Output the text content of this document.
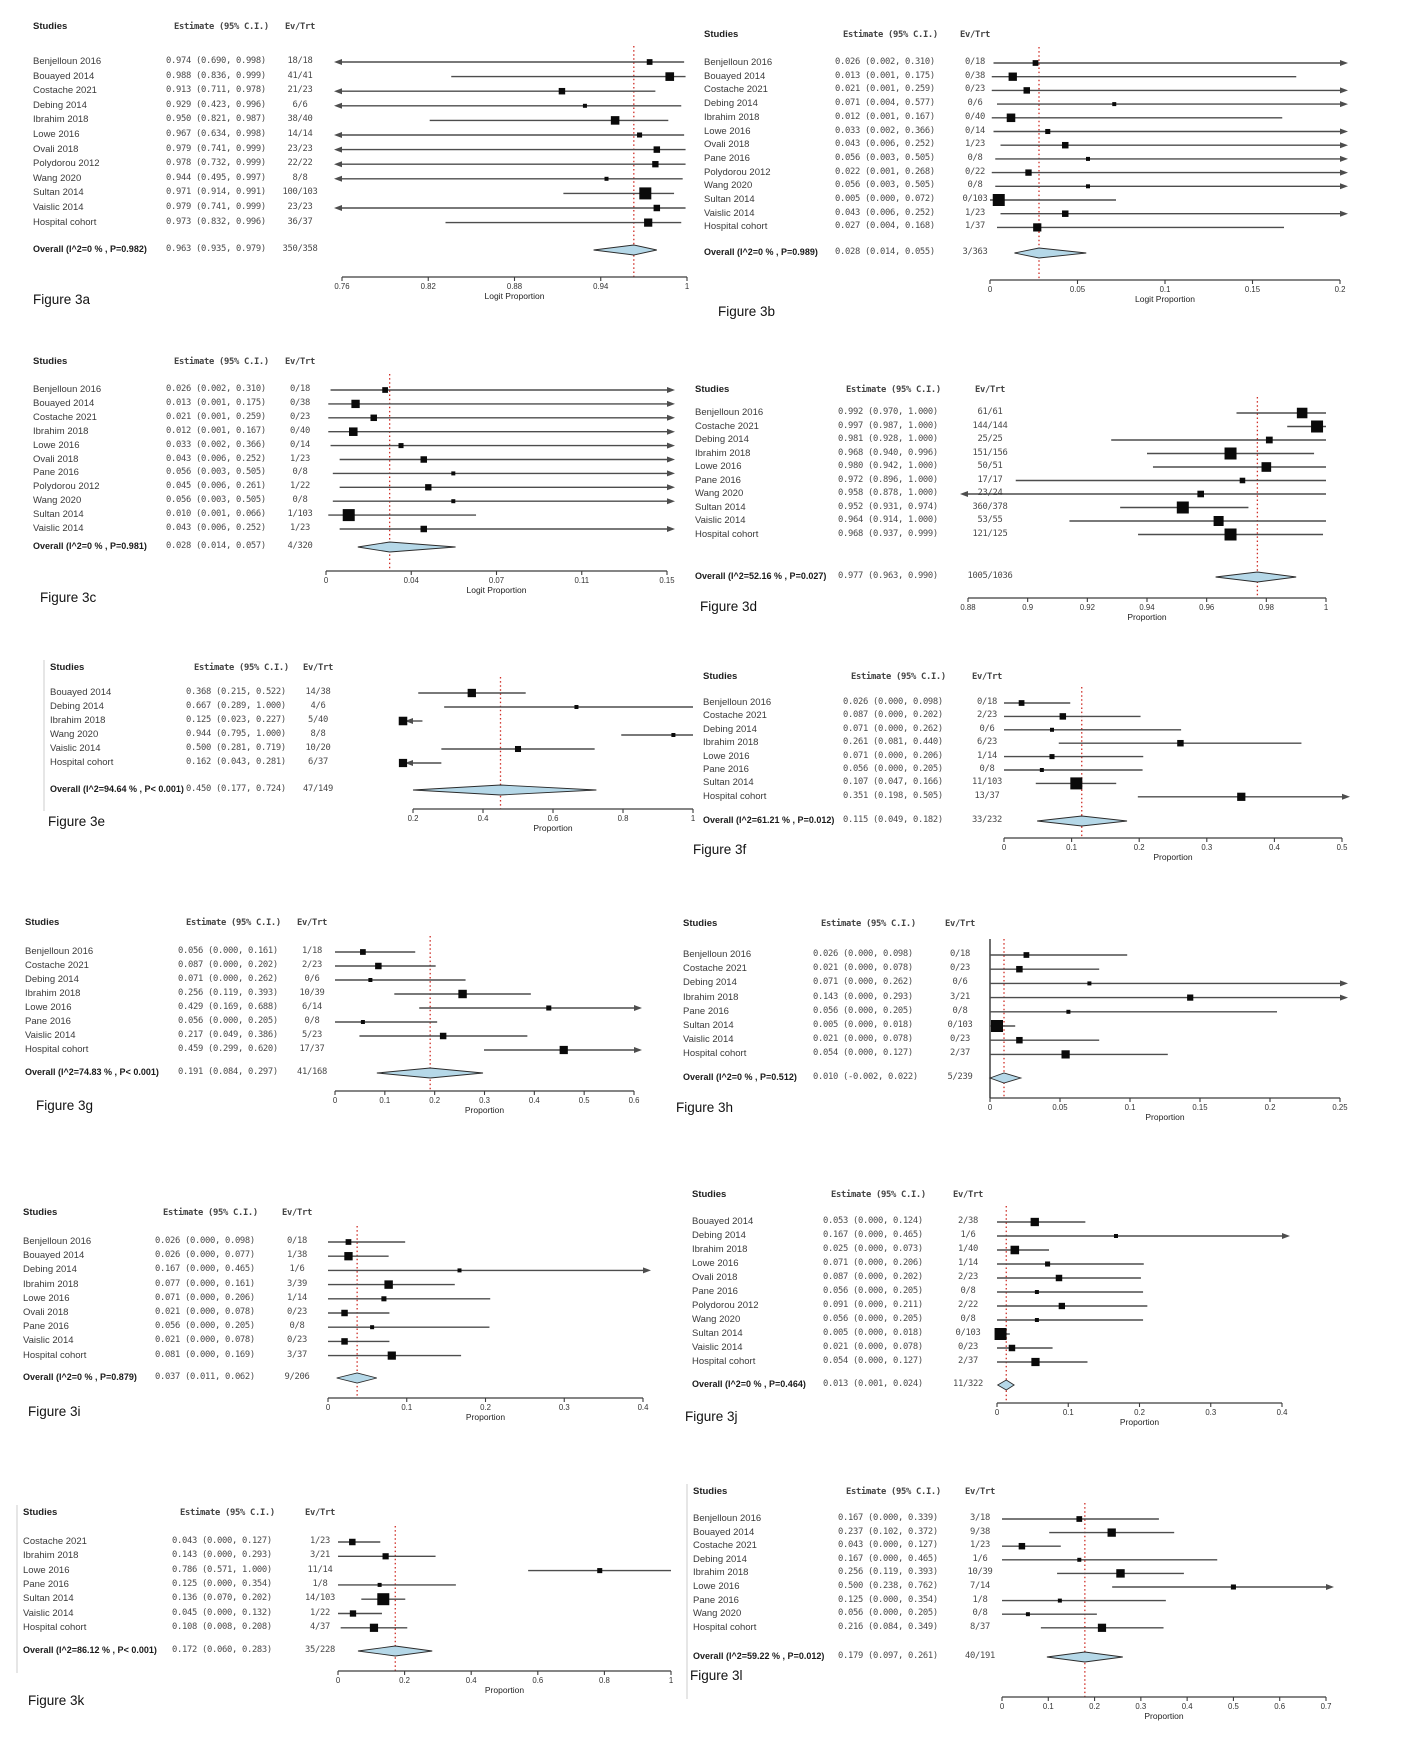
Studies	Estimate (95% C.I.) Ev/Trt
Benjelloun 2016	0.974 (0.690, 0.998) 18/18
Bouayed 2014	0.988 (0.836, 0.999) 41/41
Costache 2021	0.913 (0.711, 0.978) 21/23
Debing 2014	0.929 (0.423, 0.996)	6/6
Ibrahim 2018	0.950 (0.821, 0.987) 38/40
Lowe 2016	0.967 (0.634, 0.998) 14/14
Ovali 2018	0.979 (0.741, 0.999) 23/23
Polydorou 2012	0.978 (0.732, 0.999) 22/22
Wang 2020	0.944 (0.495, 0.997)	8/8
Sultan 2014	0.971 (0.914, 0.991) 100/103
Vaislic 2014	0.979 (0.741, 0.999) 23/23
Hospital cohort	0.973 (0.832, 0.996) 36/37
Overall (I^2=0 % , P=0.982) 0.963 (0.935, 0.979) 350/358
0.76	0.82	0.88	0.94	1
Logit Proportion
Figure 3a
Studies	Estimate (95% C.I.)	Ev/Trt
Benjelloun 2016	0.026 (0.002, 0.310)	0/18
Bouayed 2014	0.013 (0.001, 0.175)	0/38
Costache 2021	0.021 (0.001, 0.259)	0/23
Debing 2014	0.071 (0.004, 0.577)	0/6
Ibrahim 2018	0.012 (0.001, 0.167)	0/40
Lowe 2016	0.033 (0.002, 0.366)	0/14
Ovali 2018	0.043 (0.006, 0.252)	1/23
Pane 2016	0.056 (0.003, 0.505)	0/8
Polydorou 2012	0.022 (0.001, 0.268)	0/22
Wang 2020	0.056 (0.003, 0.505)	0/8
Sultan 2014	0.005 (0.000, 0.072)	0/103
Vaislic 2014	0.043 (0.006, 0.252)	1/23
Hospital cohort	0.027 (0.004, 0.168)	1/37
Overall (I^2=0 % , P=0.989) 0.028 (0.014, 0.055)	3/363
0	0.05	0.1	0.15	0.2
Logit Proportion
Figure 3b
Studies	Estimate (95% C.I.) Ev/Trt
Benjelloun 2016	0.026 (0.002, 0.310)	0/18
Bouayed 2014	0.013 (0.001, 0.175)	0/38
Costache 2021	0.021 (0.001, 0.259)	0/23
Ibrahim 2018	0.012 (0.001, 0.167)	0/40
Lowe 2016	0.033 (0.002, 0.366)	0/14
Ovali 2018	0.043 (0.006, 0.252)	1/23
Pane 2016	0.056 (0.003, 0.505)	0/8
Polydorou 2012	0.045 (0.006, 0.261)	1/22
Wang 2020	0.056 (0.003, 0.505)	0/8
Sultan 2014	0.010 (0.001, 0.066) 1/103
Vaislic 2014	0.043 (0.006, 0.252)	1/23
Overall (I^2=0 % , P=0.981) 0.028 (0.014, 0.057) 4/320
0	0.04	0.07	0.11	0.15
Logit Proportion
Figure 3c
Studies	Estimate (95% C.I.)	Ev/Trt
Benjelloun 2016	0.992 (0.970, 1.000)	61/61
Costache 2021	0.997 (0.987, 1.000)	144/144
Debing 2014	0.981 (0.928, 1.000)	25/25
Ibrahim 2018	0.968 (0.940, 0.996)	151/156
Lowe 2016	0.980 (0.942, 1.000)	50/51
Pane 2016	0.972 (0.896, 1.000)	17/17
Wang 2020	0.958 (0.878, 1.000)	23/24
Sultan 2014	0.952 (0.931, 0.974)	360/378
Vaislic 2014	0.964 (0.914, 1.000)	53/55
Hospital cohort	0.968 (0.937, 0.999)	121/125
Overall (I^2=52.16 % , P=0.027) 0.977 (0.963, 0.990)	1005/1036
0.88	0.9	0.92	0.94	0.96	0.98	1
Proportion
Figure 3d
Studies	Estimate (95% C.I.) Ev/Trt
Bouayed 2014	0.368 (0.215, 0.522) 14/38
Debing 2014	0.667 (0.289, 1.000)	4/6
Ibrahim 2018	0.125 (0.023, 0.227)	5/40
Wang 2020	0.944 (0.795, 1.000)	8/8
Vaislic 2014	0.500 (0.281, 0.719) 10/20
Hospital cohort	0.162 (0.043, 0.281)	6/37
Overall (I^2=94.64 % , P< 0.001) 0.450 (0.177, 0.724) 47/149
0.2	0.4	0.6	0.8	1
Proportion
Figure 3e
Studies	Estimate (95% C.I.)	Ev/Trt
Benjelloun 2016	0.026 (0.000, 0.098)	0/18
Costache 2021	0.087 (0.000, 0.202)	2/23
Debing 2014	0.071 (0.000, 0.262)	0/6
Ibrahim 2018	0.261 (0.081, 0.440)	6/23
Lowe 2016	0.071 (0.000, 0.206)	1/14
Pane 2016	0.056 (0.000, 0.205)	0/8
Sultan 2014	0.107 (0.047, 0.166)	11/103
Hospital cohort	0.351 (0.198, 0.505)	13/37
Overall (I^2=61.21 % , P=0.012) 0.115 (0.049, 0.182)	33/232
0	0.1	0.2	0.3	0.4	0.5
Proportion
Figure 3f
Studies	Estimate (95% C.I.) Ev/Trt
Benjelloun 2016	0.056 (0.000, 0.161)	1/18
Costache 2021	0.087 (0.000, 0.202)	2/23
Debing 2014	0.071 (0.000, 0.262)	0/6
Ibrahim 2018	0.256 (0.119, 0.393) 10/39
Lowe 2016	0.429 (0.169, 0.688)	6/14
Pane 2016	0.056 (0.000, 0.205)	0/8
Vaislic 2014	0.217 (0.049, 0.386)	5/23
Hospital cohort	0.459 (0.299, 0.620) 17/37
Overall (I^2=74.83 % , P< 0.001) 0.191 (0.084, 0.297) 41/168
0	0.1	0.2	0.3	0.4	0.5	0.6
Proportion
Figure 3g
Studies	Estimate (95% C.I.)	Ev/Trt
Benjelloun 2016	0.026 (0.000, 0.098)	0/18
Costache 2021	0.021 (0.000, 0.078)	0/23
Debing 2014	0.071 (0.000, 0.262)	0/6
Ibrahim 2018	0.143 (0.000, 0.293)	3/21
Pane 2016	0.056 (0.000, 0.205)	0/8
Sultan 2014	0.005 (0.000, 0.018)	0/103
Vaislic 2014	0.021 (0.000, 0.078)	0/23
Hospital cohort	0.054 (0.000, 0.127)	2/37
Overall (I^2=0 % , P=0.512) 0.010 (-0.002, 0.022)	5/239
0	0.05	0.1	0.15	0.2	0.25
Proportion
Figure 3h
Studies	Estimate (95% C.I.)	Ev/Trt
Benjelloun 2016	0.026 (0.000, 0.098)	0/18
Bouayed 2014	0.026 (0.000, 0.077)	1/38
Debing 2014	0.167 (0.000, 0.465)	1/6
Ibrahim 2018	0.077 (0.000, 0.161)	3/39
Lowe 2016	0.071 (0.000, 0.206)	1/14
Ovali 2018	0.021 (0.000, 0.078)	0/23
Pane 2016	0.056 (0.000, 0.205)	0/8
Vaislic 2014	0.021 (0.000, 0.078)	0/23
Hospital cohort	0.081 (0.000, 0.169)	3/37
Overall (I^2=0 % , P=0.879) 0.037 (0.011, 0.062)	9/206
0	0.1	0.2	0.3	0.4
Proportion
Figure 3i
Studies	Estimate (95% C.I.)	Ev/Trt
Bouayed 2014	0.053 (0.000, 0.124)	2/38
Debing 2014	0.167 (0.000, 0.465)	1/6
Ibrahim 2018	0.025 (0.000, 0.073)	1/40
Lowe 2016	0.071 (0.000, 0.206)	1/14
Ovali 2018	0.087 (0.000, 0.202)	2/23
Pane 2016	0.056 (0.000, 0.205)	0/8
Polydorou 2012	0.091 (0.000, 0.211)	2/22
Wang 2020	0.056 (0.000, 0.205)	0/8
Sultan 2014	0.005 (0.000, 0.018)	0/103
Vaislic 2014	0.021 (0.000, 0.078)	0/23
Hospital cohort	0.054 (0.000, 0.127)	2/37
Overall (I^2=0 % , P=0.464) 0.013 (0.001, 0.024)	11/322
0	0.1	0.2	0.3	0.4
Proportion
Figure 3j
Studies	Estimate (95% C.I.)	Ev/Trt
Costache 2021	0.043 (0.000, 0.127)	1/23
Ibrahim 2018	0.143 (0.000, 0.293)	3/21
Lowe 2016	0.786 (0.571, 1.000)	11/14
Pane 2016	0.125 (0.000, 0.354)	1/8
Sultan 2014	0.136 (0.070, 0.202)	14/103
Vaislic 2014	0.045 (0.000, 0.132)	1/22
Hospital cohort	0.108 (0.008, 0.208)	4/37
Overall (I^2=86.12 % , P< 0.001) 0.172 (0.060, 0.283)	35/228
0	0.2	0.4	0.6	0.8	1
Proportion
Figure 3k
Studies	Estimate (95% C.I.)	Ev/Trt
Benjelloun 2016	0.167 (0.000, 0.339)	3/18
Bouayed 2014	0.237 (0.102, 0.372)	9/38
Costache 2021	0.043 (0.000, 0.127)	1/23
Debing 2014	0.167 (0.000, 0.465)	1/6
Ibrahim 2018	0.256 (0.119, 0.393)	10/39
Lowe 2016	0.500 (0.238, 0.762)	7/14
Pane 2016	0.125 (0.000, 0.354)	1/8
Wang 2020	0.056 (0.000, 0.205)	0/8
Hospital cohort	0.216 (0.084, 0.349)	8/37
Overall (I^2=59.22 % , P=0.012) 0.179 (0.097, 0.261)	40/191
0	0.1	0.2	0.3	0.4	0.5	0.6	0.7
Proportion
Figure 3l
